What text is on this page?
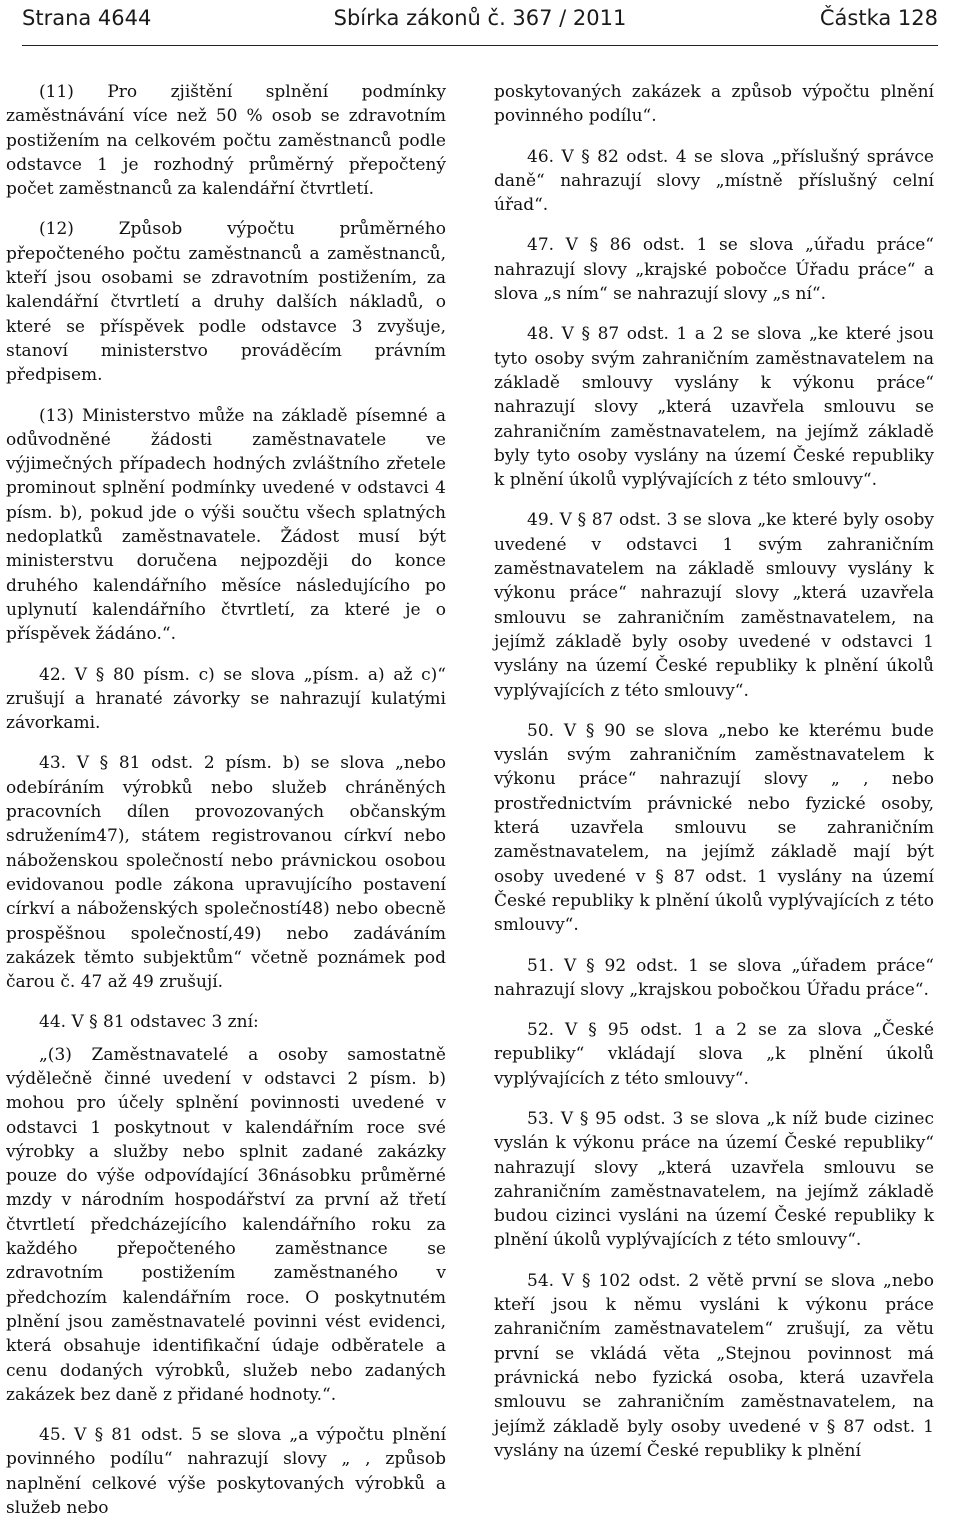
Strana 4644	Sbírka zákonů č. 367 / 2011	Částka 128

(11) Pro zjištění splnění podmínky zaměstnávání více než 50 % osob se zdravotním postižením na celkovém počtu zaměstnanců podle odstavce 1 je rozhodný průměrný přepočtený počet zaměstnanců za kalendářní čtvrtletí.

(12) Způsob výpočtu průměrného přepočteného počtu zaměstnanců a zaměstnanců, kteří jsou osobami se zdravotním postižením, za kalendářní čtvrtletí a druhy dalších nákladů, o které se příspěvek podle odstavce 3 zvyšuje, stanoví ministerstvo prováděcím právním předpisem.

(13) Ministerstvo může na základě písemné a odůvodněné žádosti zaměstnavatele ve výjimečných případech hodných zvláštního zřetele prominout splnění podmínky uvedené v odstavci 4 písm. b), pokud jde o výši součtu všech splatných nedoplatků zaměstnavatele. Žádost musí být ministerstvu doručena nejpozději do konce druhého kalendářního měsíce následujícího po uplynutí kalendářního čtvrtletí, za které je o příspěvek žádáno.“.

42. V § 80 písm. c) se slova „písm. a) až c)“ zrušují a hranaté závorky se nahrazují kulatými závorkami.

43. V § 81 odst. 2 písm. b) se slova „nebo odebíráním výrobků nebo služeb chráněných pracovních dílen provozovaných občanským sdružením47), státem registrovanou církví nebo náboženskou společností nebo právnickou osobou evidovanou podle zákona upravujícího postavení církví a náboženských společností48) nebo obecně prospěšnou společností,49) nebo zadáváním zakázek těmto subjektům“ včetně poznámek pod čarou č. 47 až 49 zrušují.

44. V § 81 odstavec 3 zní:

„(3) Zaměstnavatelé a osoby samostatně výdělečně činné uvedení v odstavci 2 písm. b) mohou pro účely splnění povinnosti uvedené v odstavci 1 poskytnout v kalendářním roce své výrobky a služby nebo splnit zadané zakázky pouze do výše odpovídající 36násobku průměrné mzdy v národním hospodářství za první až třetí čtvrtletí předcházejícího kalendářního roku za každého přepočteného zaměstnance se zdravotním postižením zaměstnaného v předchozím kalendářním roce. O poskytnutém plnění jsou zaměstnavatelé povinni vést evidenci, která obsahuje identifikační údaje odběratele a cenu dodaných výrobků, služeb nebo zadaných zakázek bez daně z přidané hodnoty.“.

45. V § 81 odst. 5 se slova „a výpočtu plnění povinného podílu“ nahrazují slovy „ , způsob naplnění celkové výše poskytovaných výrobků a služeb nebo

poskytovaných zakázek a způsob výpočtu plnění povinného podílu“.

46. V § 82 odst. 4 se slova „příslušný správce daně“ nahrazují slovy „místně příslušný celní úřad“.

47. V § 86 odst. 1 se slova „úřadu práce“ nahrazují slovy „krajské pobočce Úřadu práce“ a slova „s ním“ se nahrazují slovy „s ní“.

48. V § 87 odst. 1 a 2 se slova „ke které jsou tyto osoby svým zahraničním zaměstnavatelem na základě smlouvy vyslány k výkonu práce“ nahrazují slovy „která uzavřela smlouvu se zahraničním zaměstnavatelem, na jejímž základě byly tyto osoby vyslány na území České republiky k plnění úkolů vyplývajících z této smlouvy“.

49. V § 87 odst. 3 se slova „ke které byly osoby uvedené v odstavci 1 svým zahraničním zaměstnavatelem na základě smlouvy vyslány k výkonu práce“ nahrazují slovy „která uzavřela smlouvu se zahraničním zaměstnavatelem, na jejímž základě byly osoby uvedené v odstavci 1 vyslány na území České republiky k plnění úkolů vyplývajících z této smlouvy“.

50. V § 90 se slova „nebo ke kterému bude vyslán svým zahraničním zaměstnavatelem k výkonu práce“ nahrazují slovy „ , nebo prostřednictvím právnické nebo fyzické osoby, která uzavřela smlouvu se zahraničním zaměstnavatelem, na jejímž základě mají být osoby uvedené v § 87 odst. 1 vyslány na území České republiky k plnění úkolů vyplývajících z této smlouvy“.

51. V § 92 odst. 1 se slova „úřadem práce“ nahrazují slovy „krajskou pobočkou Úřadu práce“.

52. V § 95 odst. 1 a 2 se za slova „České republiky“ vkládají slova „k plnění úkolů vyplývajících z této smlouvy“.

53. V § 95 odst. 3 se slova „k níž bude cizinec vyslán k výkonu práce na území České republiky“ nahrazují slovy „která uzavřela smlouvu se zahraničním zaměstnavatelem, na jejímž základě budou cizinci vysláni na území České republiky k plnění úkolů vyplývajících z této smlouvy“.

54. V § 102 odst. 2 větě první se slova „nebo kteří jsou k němu vysláni k výkonu práce zahraničním zaměstnavatelem“ zrušují, za větu první se vkládá věta „Stejnou povinnost má právnická nebo fyzická osoba, která uzavřela smlouvu se zahraničním zaměstnavatelem, na jejímž základě byly osoby uvedené v § 87 odst. 1 vyslány na území České republiky k plnění
